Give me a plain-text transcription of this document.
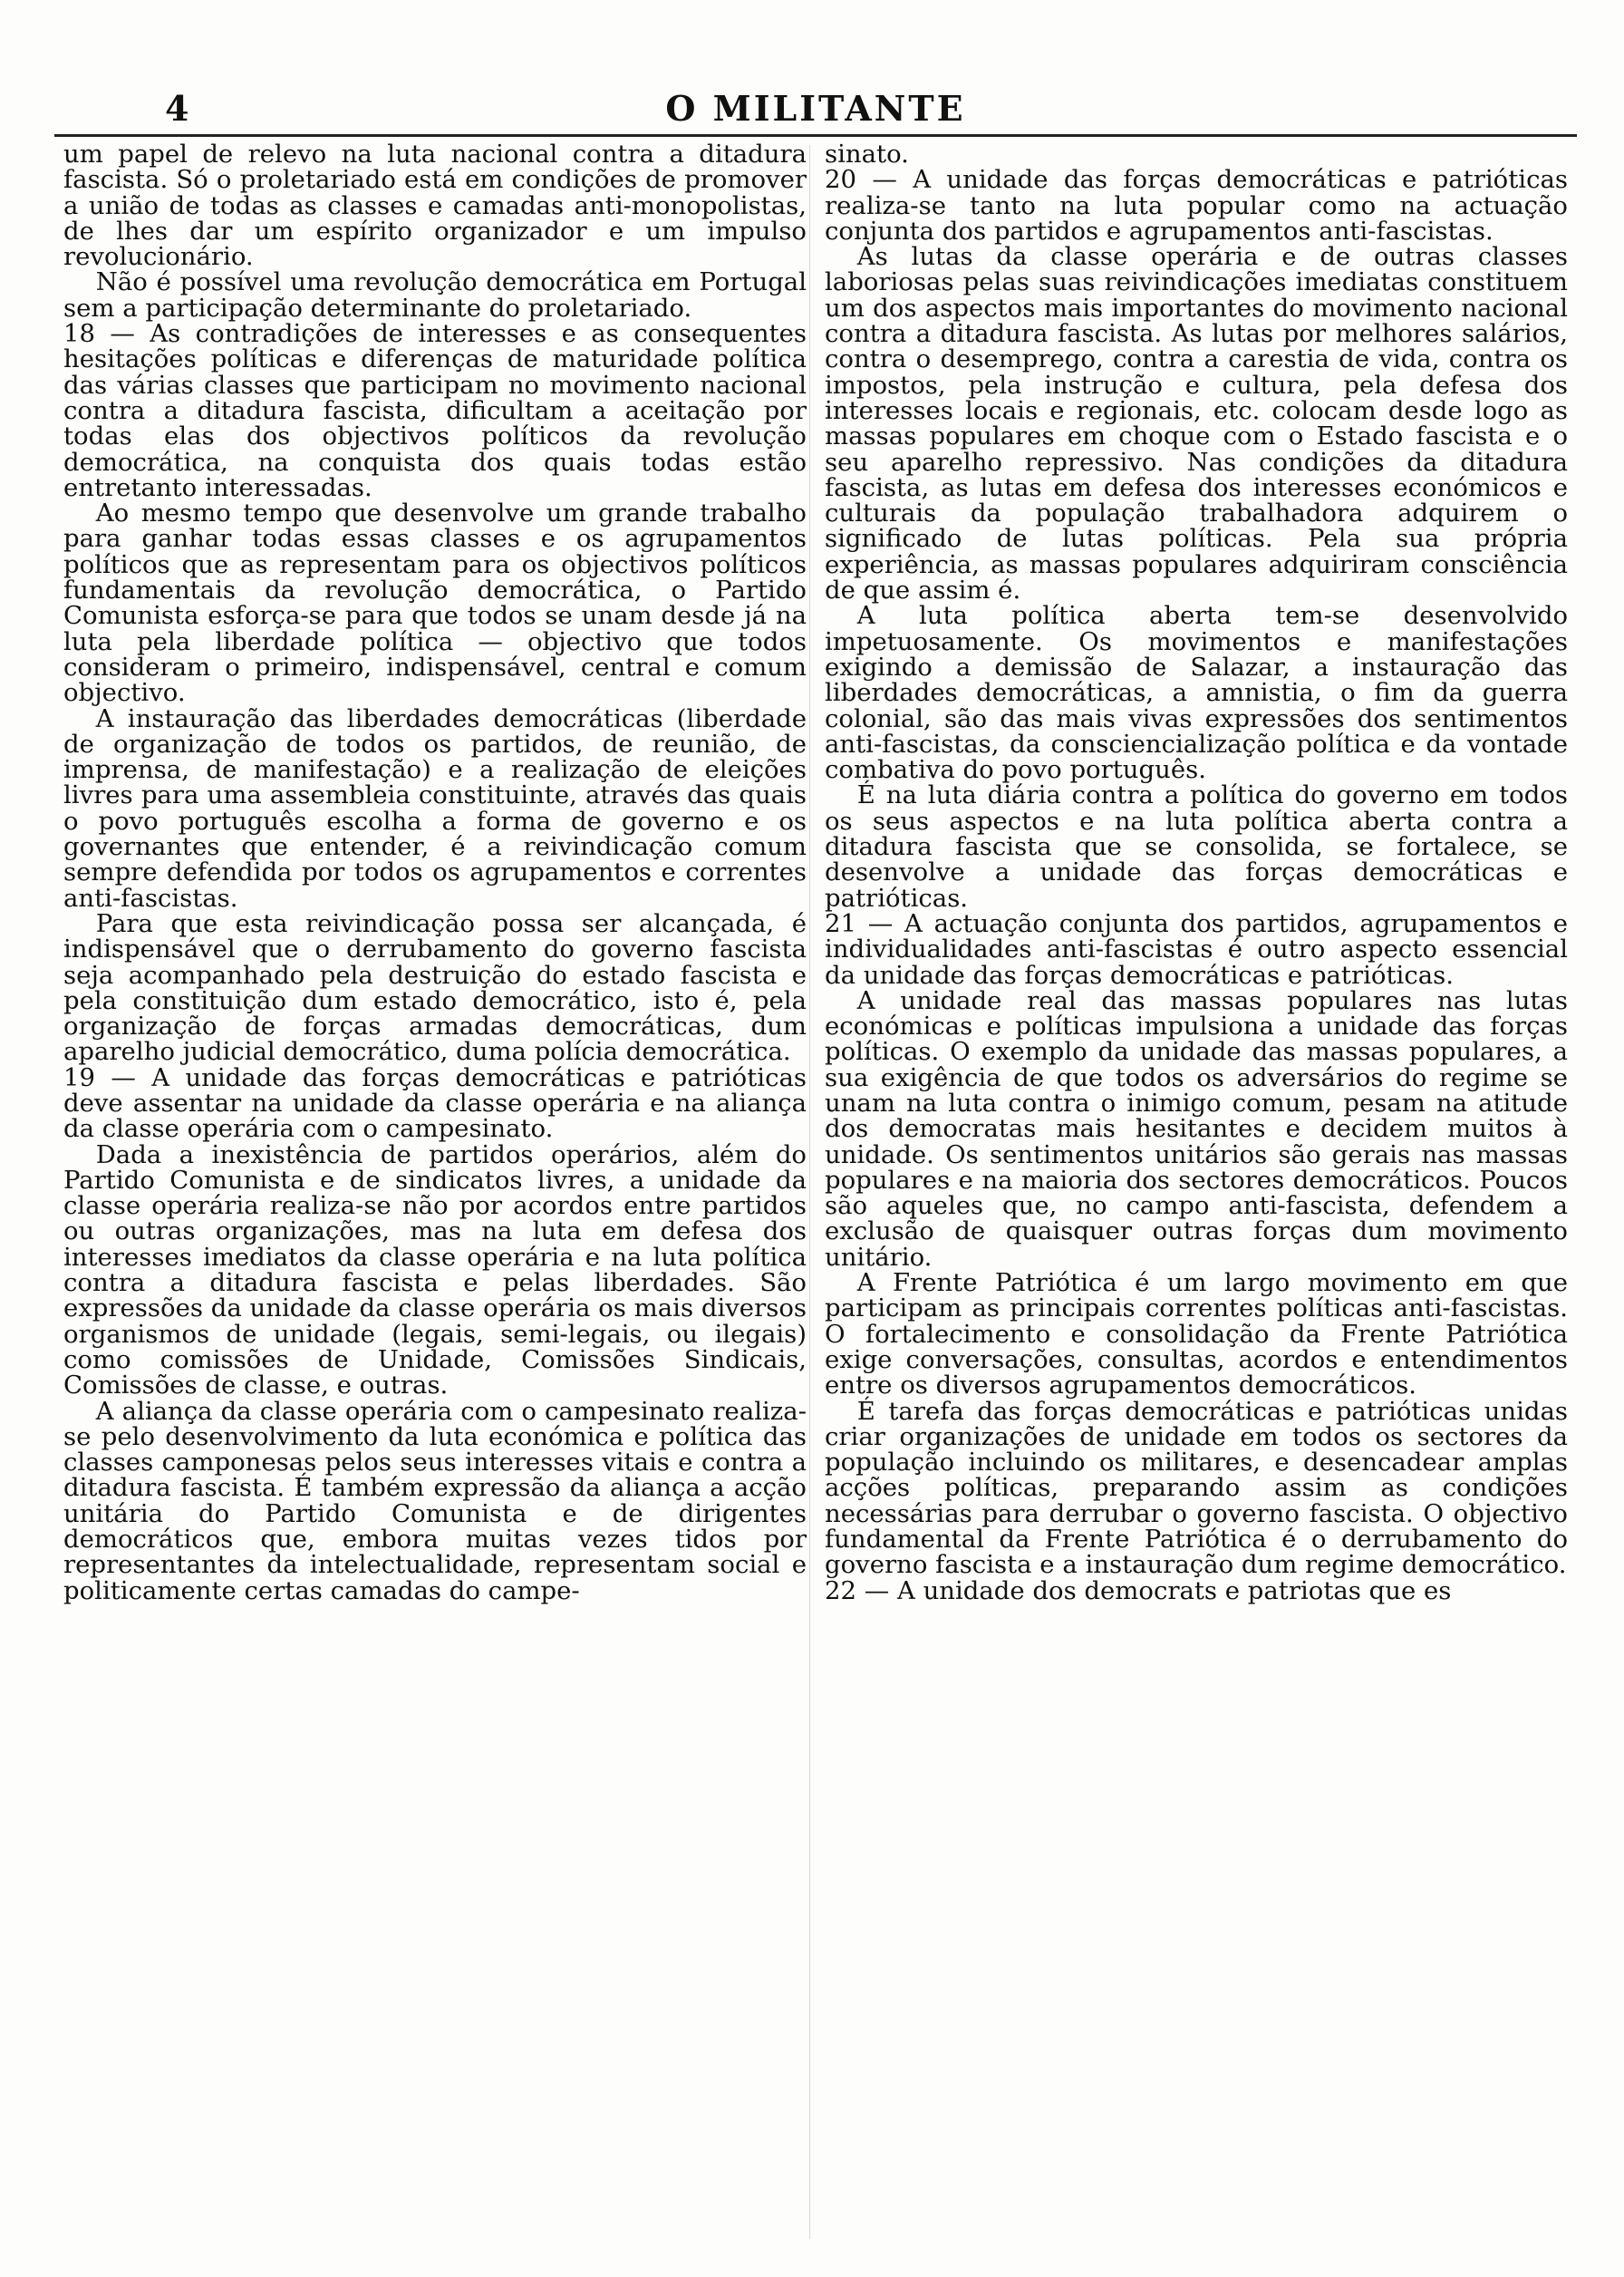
4	O MILITANTE

um papel de relevo na luta nacional contra a ditadura fascista. Só o proletariado está em condições de promover a união de todas as classes e camadas anti-monopolistas, de lhes dar um espírito organizador e um impulso revolucionário.

Não é possível uma revolução democrática em Portugal sem a participação determinante do proletariado.

18 — As contradições de interesses e as consequentes hesitações políticas e diferenças de maturidade política das várias classes que participam no movimento nacional contra a ditadura fascista, dificultam a aceitação por todas elas dos objectivos políticos da revolução democrática, na conquista dos quais todas estão entretanto interessadas.

Ao mesmo tempo que desenvolve um grande trabalho para ganhar todas essas classes e os agrupamentos políticos que as representam para os objectivos políticos fundamentais da revolução democrática, o Partido Comunista esforça-se para que todos se unam desde já na luta pela liberdade política — objectivo que todos consideram o primeiro, indispensável, central e comum objectivo.

A instauração das liberdades democráticas (liberdade de organização de todos os partidos, de reunião, de imprensa, de manifestação) e a realização de eleições livres para uma assembleia constituinte, através das quais o povo português escolha a forma de governo e os governantes que entender, é a reivindicação comum sempre defendida por todos os agrupamentos e correntes anti-fascistas.

Para que esta reivindicação possa ser alcançada, é indispensável que o derrubamento do governo fascista seja acompanhado pela destruição do estado fascista e pela constituição dum estado democrático, isto é, pela organização de forças armadas democráticas, dum aparelho judicial democrático, duma polícia democrática.

19 — A unidade das forças democráticas e patrióticas deve assentar na unidade da classe operária e na aliança da classe operária com o campesinato.

Dada a inexistência de partidos operários, além do Partido Comunista e de sindicatos livres, a unidade da classe operária realiza-se não por acordos entre partidos ou outras organizações, mas na luta em defesa dos interesses imediatos da classe operária e na luta política contra a ditadura fascista e pelas liberdades. São expressões da unidade da classe operária os mais diversos organismos de unidade (legais, semi-legais, ou ilegais) como comissões de Unidade, Comissões Sindicais, Comissões de classe, e outras.

A aliança da classe operária com o campesinato realiza-se pelo desenvolvimento da luta económica e política das classes camponesas pelos seus interesses vitais e contra a ditadura fascista. É também expressão da aliança a acção unitária do Partido Comunista e de dirigentes democráticos que, embora muitas vezes tidos por representantes da intelectualidade, representam social e politicamente certas camadas do campe-

sinato.

20 — A unidade das forças democráticas e patrióticas realiza-se tanto na luta popular como na actuação conjunta dos partidos e agrupamentos anti-fascistas.

As lutas da classe operária e de outras classes laboriosas pelas suas reivindicações imediatas constituem um dos aspectos mais importantes do movimento nacional contra a ditadura fascista. As lutas por melhores salários, contra o desemprego, contra a carestia de vida, contra os impostos, pela instrução e cultura, pela defesa dos interesses locais e regionais, etc. colocam desde logo as massas populares em choque com o Estado fascista e o seu aparelho repressivo. Nas condições da ditadura fascista, as lutas em defesa dos interesses económicos e culturais da população trabalhadora adquirem o significado de lutas políticas. Pela sua própria experiência, as massas populares adquiriram consciência de que assim é.

A luta política aberta tem-se desenvolvido impetuosamente. Os movimentos e manifestações exigindo a demissão de Salazar, a instauração das liberdades democráticas, a amnistia, o fim da guerra colonial, são das mais vivas expressões dos sentimentos anti-fascistas, da consciencialização política e da vontade combativa do povo português.

É na luta diária contra a política do governo em todos os seus aspectos e na luta política aberta contra a ditadura fascista que se consolida, se fortalece, se desenvolve a unidade das forças democráticas e patrióticas.

21 — A actuação conjunta dos partidos, agrupamentos e individualidades anti-fascistas é outro aspecto essencial da unidade das forças democráticas e patrióticas.

A unidade real das massas populares nas lutas económicas e políticas impulsiona a unidade das forças políticas. O exemplo da unidade das massas populares, a sua exigência de que todos os adversários do regime se unam na luta contra o inimigo comum, pesam na atitude dos democratas mais hesitantes e decidem muitos à unidade. Os sentimentos unitários são gerais nas massas populares e na maioria dos sectores democráticos. Poucos são aqueles que, no campo anti-fascista, defendem a exclusão de quaisquer outras forças dum movimento unitário.

A Frente Patriótica é um largo movimento em que participam as principais correntes políticas anti-fascistas. O fortalecimento e consolidação da Frente Patriótica exige conversações, consultas, acordos e entendimentos entre os diversos agrupamentos democráticos.

É tarefa das forças democráticas e patrióticas unidas criar organizações de unidade em todos os sectores da população incluindo os militares, e desencadear amplas acções políticas, preparando assim as condições necessárias para derrubar o governo fascista. O objectivo fundamental da Frente Patriótica é o derrubamento do governo fascista e a instauração dum regime democrático.

22 — A unidade dos democrats e patriotas que es
